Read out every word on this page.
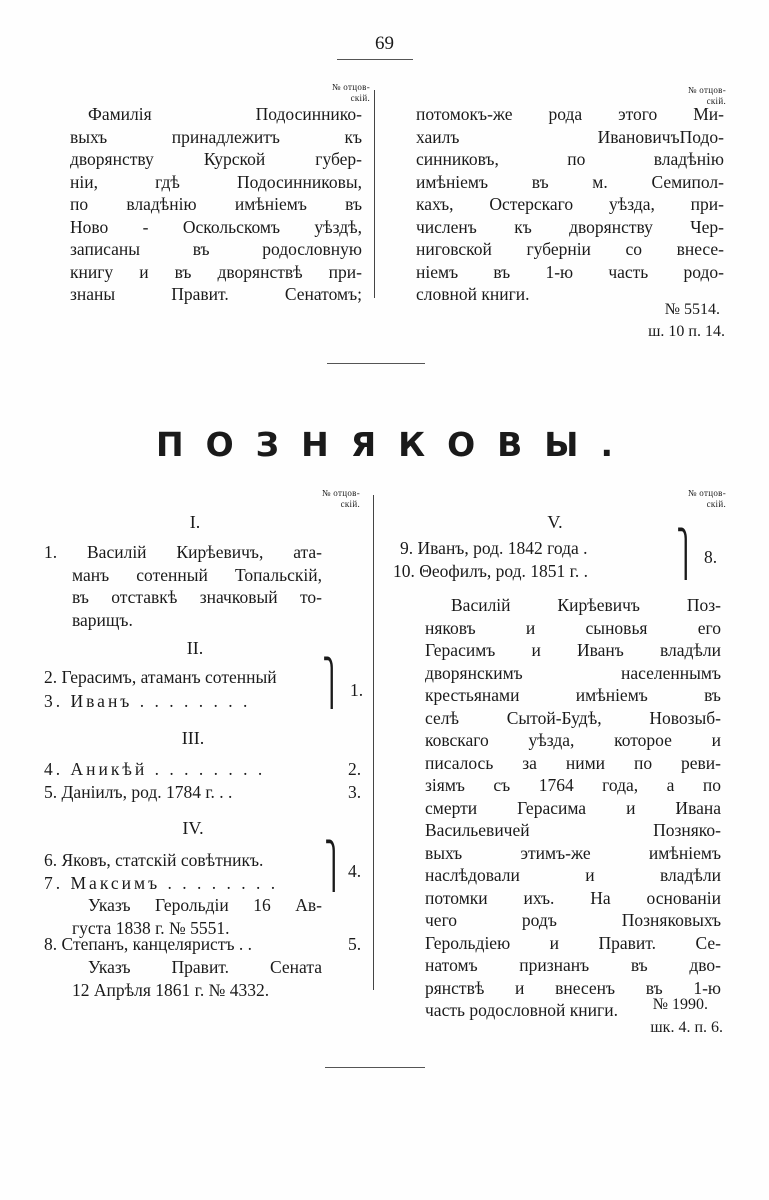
69
№ отцов-
скій.
№ отцов-
скій.
Фамилія Подосиннико-
выхъ принадлежитъ къ
дворянству Курской губер-
ніи, гдѣ Подосинниковы,
по владѣнію имѣніемъ въ
Ново - Оскольскомъ уѣздѣ,
записаны въ родословную
книгу и въ дворянствѣ при-
знаны Правит. Сенатомъ;
потомокъ-же рода этого Ми-
хаилъ ИвановичъПодо-
синниковъ, по владѣнію
имѣніемъ въ м. Семипол-
кахъ, Остерскаго уѣзда, при-
численъ къ дворянству Чер-
ниговской губерніи со внесе-
ніемъ въ 1-ю часть родо-
словной книги.
№ 5514.
ш. 10 п. 14.
ПОЗНЯКОВЫ.
№ отцов-
скій.
№ отцов-
скій.
I.
1. Василій Кирѣевичъ, ата-
манъ сотенный Топальскій,
въ отставкѣ значковый то-
варищъ.
II.
2. Герасимъ, атаманъ сотенный
3. Иванъ . . . . . . . .	⎫ 1.
III.
4. Аникѣй . . . . . . . .	2.
5. Даніилъ, род. 1784 г. . .	3.
IV.
6. Яковъ, статскій совѣтникъ.
7. Максимъ . . . . . . . . ⎫ 4.
Указъ Герольдіи 16 Ав-
густа 1838 г. № 5551.
8. Степанъ, канцеляристъ . .	5.
Указъ Правит. Сената
12 Апрѣля 1861 г. № 4332.
V.
9. Иванъ, род. 1842 года .
10. Θеофилъ, род. 1851 г. .	⎫ 8.
Василій Кирѣевичъ Поз-
няковъ и сыновья его
Герасимъ и Иванъ владѣли
дворянскимъ населеннымъ
крестьянами имѣніемъ въ
селѣ Сытой-Будѣ, Новозыб-
ковскаго уѣзда, которое и
писалось за ними по реви-
зіямъ съ 1764 года, а по
смерти Герасима и Ивана
Васильевичей Позняко-
выхъ этимъ-же имѣніемъ
наслѣдовали и владѣли
потомки ихъ. На основаніи
чего родъ Позняковыхъ
Герольдіею и Правит. Се-
натомъ признанъ въ дво-
рянствѣ и внесенъ въ 1-ю
часть родословной книги.	№ 1990.
шк. 4. п. 6.
